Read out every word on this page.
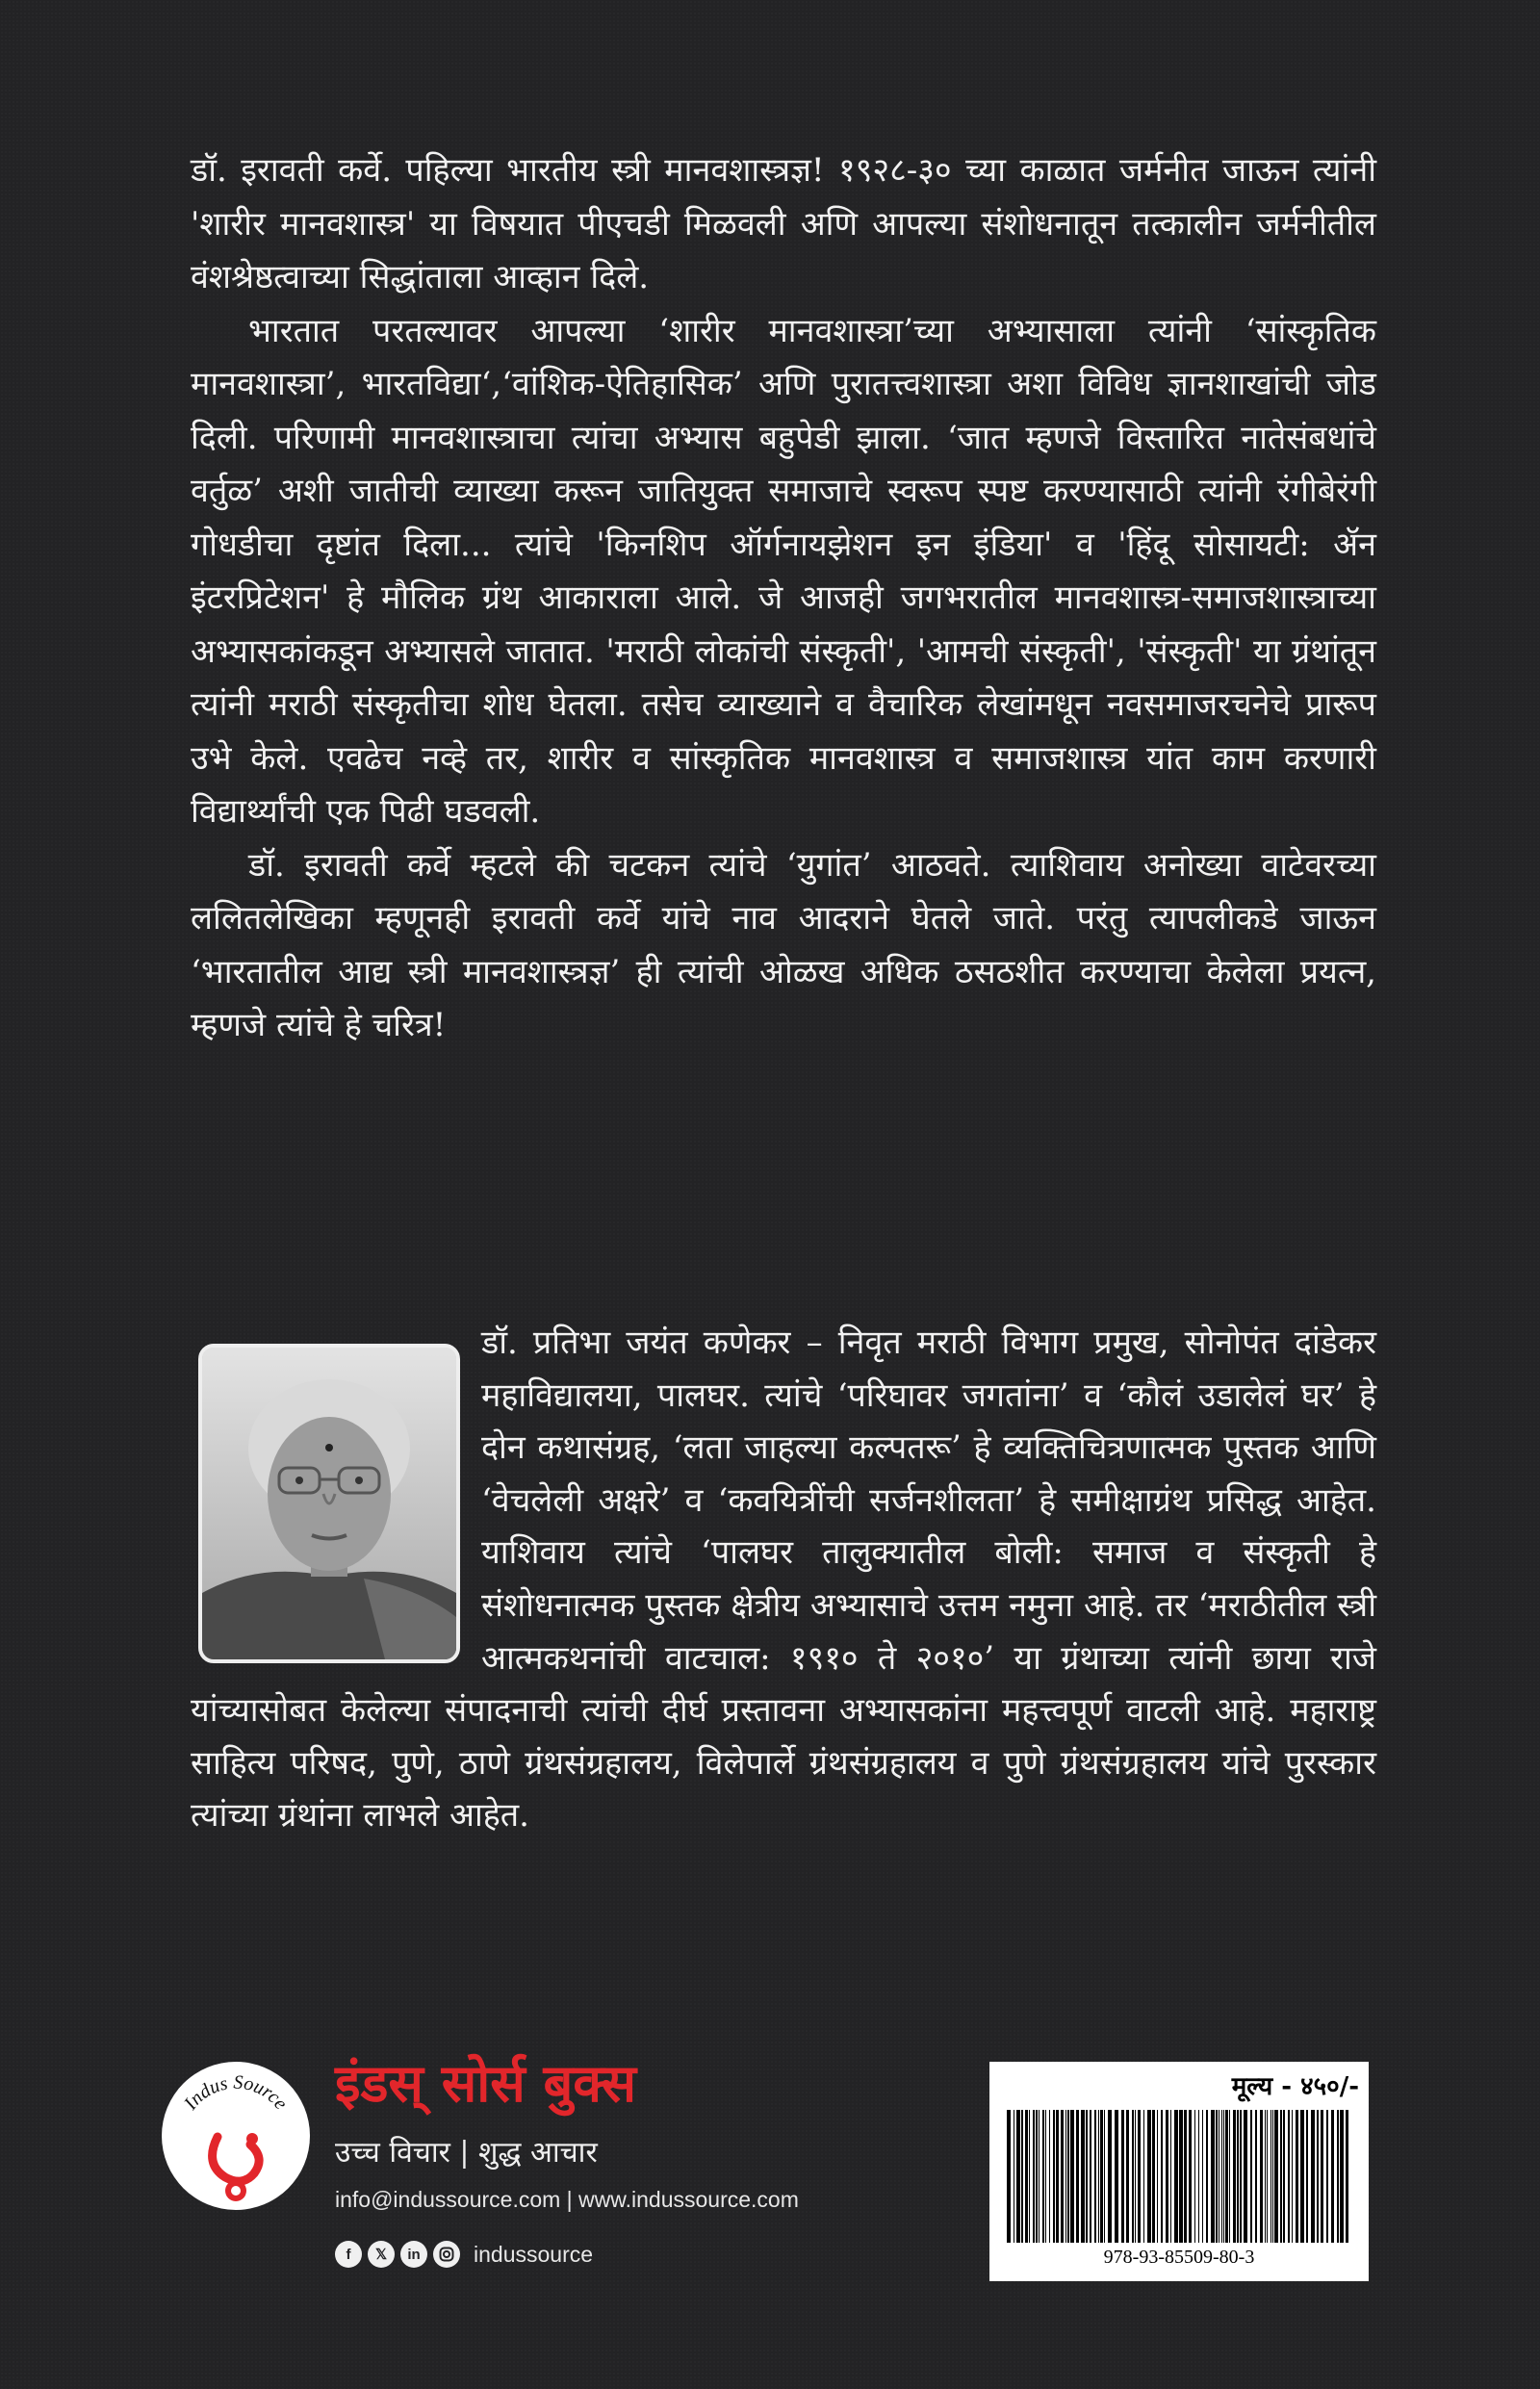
डॉ. इरावती कर्वे. पहिल्या भारतीय स्त्री मानवशास्त्रज्ञ! १९२८-३० च्या काळात जर्मनीत जाऊन त्यांनी 'शारीर मानवशास्त्र' या विषयात पीएचडी मिळवली अणि आपल्या संशोधनातून तत्कालीन जर्मनीतील वंशश्रेष्ठत्वाच्या सिद्धांताला आव्हान दिले.

भारतात परतल्यावर आपल्या ‘शारीर मानवशास्त्रा’च्या अभ्यासाला त्यांनी ‘सांस्कृतिक मानवशास्त्रा’, भारतविद्या‘,‘वांशिक-ऐतिहासिक’ अणि पुरातत्त्वशास्त्रा अशा विविध ज्ञानशाखांची जोड दिली. परिणामी मानवशास्त्राचा त्यांचा अभ्यास बहुपेडी झाला. ‘जात म्हणजे विस्तारित नातेसंबधांचे वर्तुळ’ अशी जातीची व्याख्या करून जातियुक्त समाजाचे स्वरूप स्पष्ट करण्यासाठी त्यांनी रंगीबेरंगी गोधडीचा दृष्टांत दिला... त्यांचे 'किनशिप ऑर्गनायझेशन इन इंडिया' व 'हिंदू सोसायटी: ॲन इंटरप्रिटेशन' हे मौलिक ग्रंथ आकाराला आले. जे आजही जगभरातील मानवशास्त्र-समाजशास्त्राच्या अभ्यासकांकडून अभ्यासले जातात. 'मराठी लोकांची संस्कृती', 'आमची संस्कृती', 'संस्कृती' या ग्रंथांतून त्यांनी मराठी संस्कृतीचा शोध घेतला. तसेच व्याख्याने व वैचारिक लेखांमधून नवसमाजरचनेचे प्रारूप उभे केले. एवढेच नव्हे तर, शारीर व सांस्कृतिक मानवशास्त्र व समाजशास्त्र यांत काम करणारी विद्यार्थ्यांची एक पिढी घडवली.

डॉ. इरावती कर्वे म्हटले की चटकन त्यांचे ‘युगांत’ आठवते. त्याशिवाय अनोख्या वाटेवरच्या ललितलेखिका म्हणूनही इरावती कर्वे यांचे नाव आदराने घेतले जाते. परंतु त्यापलीकडे जाऊन ‘भारतातील आद्य स्त्री मानवशास्त्रज्ञ’ ही त्यांची ओळख अधिक ठसठशीत करण्याचा केलेला प्रयत्न, म्हणजे त्यांचे हे चरित्र!

डॉ. प्रतिभा जयंत कणेकर – निवृत मराठी विभाग प्रमुख, सोनोपंत दांडेकर महाविद्यालया, पालघर. त्यांचे ‘परिघावर जगतांना’ व ‘कौलं उडालेलं घर’ हे दोन कथासंग्रह, ‘लता जाहल्या कल्पतरू’ हे व्यक्तिचित्रणात्मक पुस्तक आणि ‘वेचलेली अक्षरे’ व ‘कवयित्रींची सर्जनशीलता’ हे समीक्षाग्रंथ प्रसिद्ध आहेत. याशिवाय त्यांचे ‘पालघर तालुक्यातील बोली: समाज व संस्कृती हे संशोधनात्मक पुस्तक क्षेत्रीय अभ्यासाचे उत्तम नमुना आहे. तर ‘मराठीतील स्त्री आत्मकथनांची वाटचाल: १९१० ते २०१०’ या ग्रंथाच्या त्यांनी छाया राजे यांच्यासोबत केलेल्या संपादनाची त्यांची दीर्घ प्रस्तावना अभ्यासकांना महत्त्वपूर्ण वाटली आहे. महाराष्ट्र साहित्य परिषद, पुणे, ठाणे ग्रंथसंग्रहालय, विलेपार्ले ग्रंथसंग्रहालय व पुणे ग्रंथसंग्रहालय यांचे पुरस्कार त्यांच्या ग्रंथांना लाभले आहेत.

Indus Source इंडस् सोर्स बुक्स
उच्च विचार | शुद्ध आचार
info@indussource.com | www.indussource.com
f	𝕏	in	indussource
मूल्य - ४५०/-
978-93-85509-80-3
